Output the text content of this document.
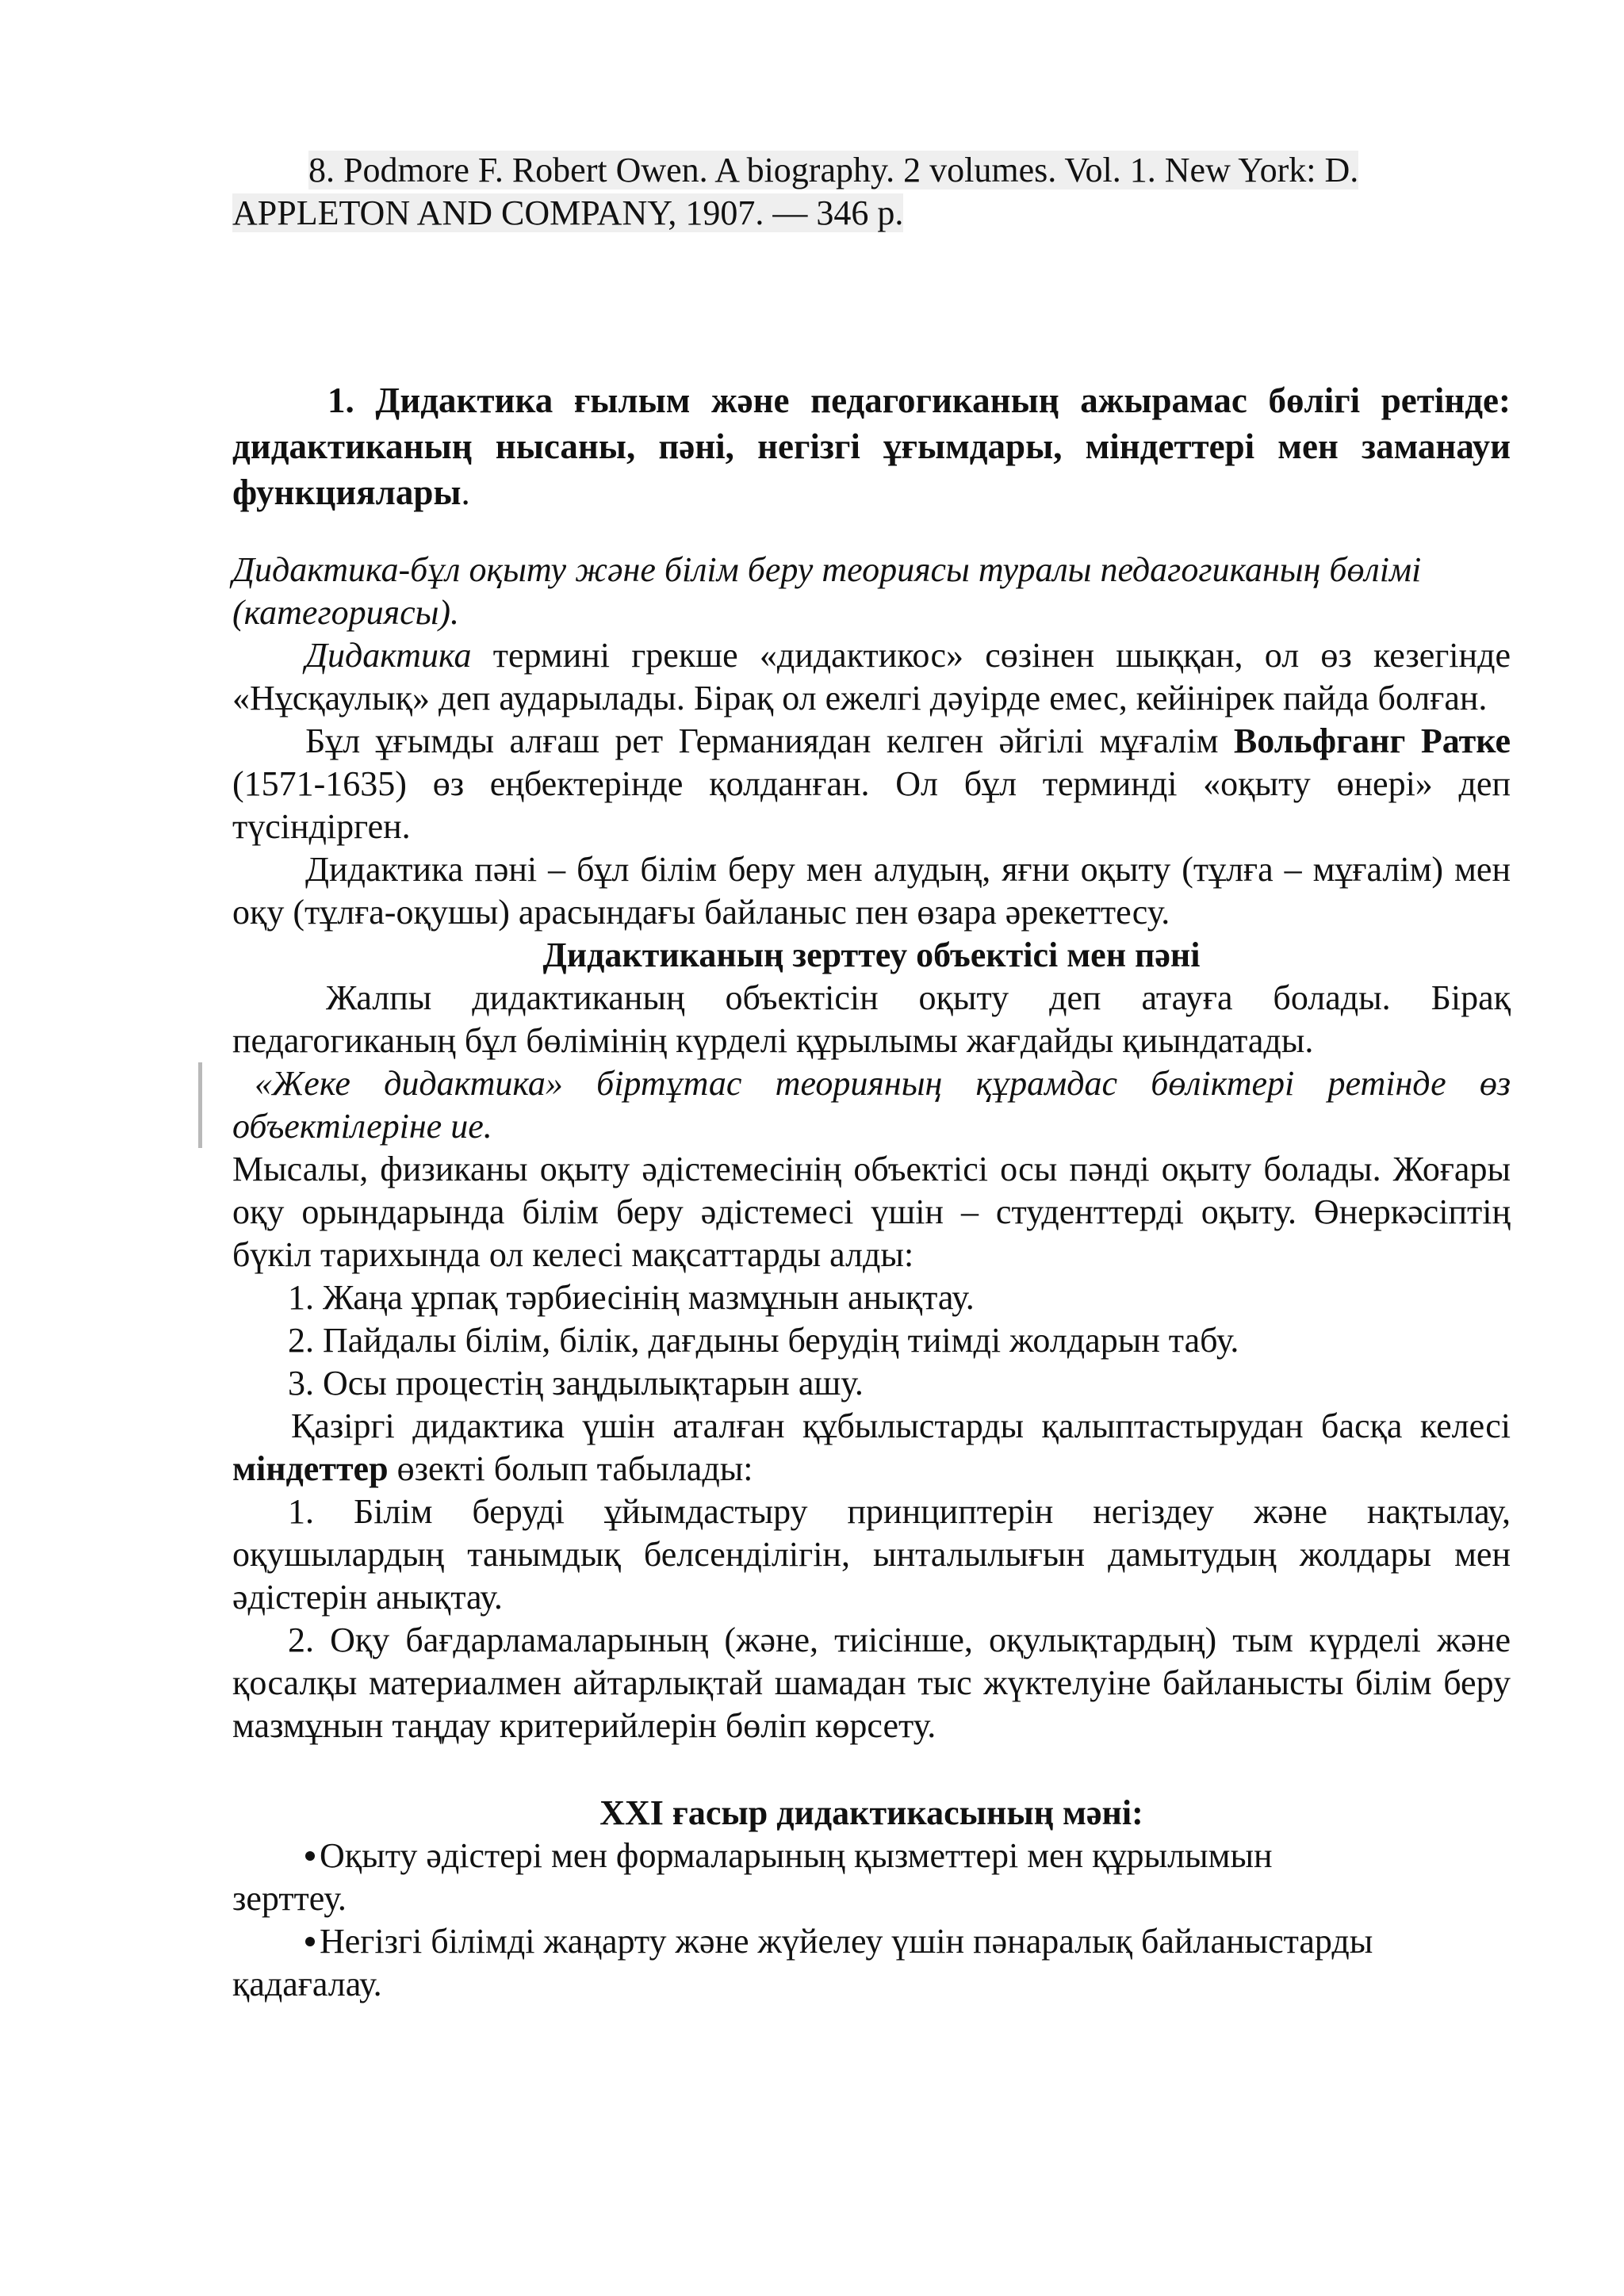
8. Podmore F. Robert Owen. A biography. 2 volumes. Vol. 1. New York: D.
APPLETON AND COMPANY, 1907. — 346 p.

1. Дидактика ғылым және педагогиканың ажырамас бөлігі ретінде: дидактиканың нысаны, пәні, негізгі ұғымдары, міндеттері мен заманауи функциялары.

Дидактика-бұл оқыту және білім беру теориясы туралы педагогиканың бөлімі (категориясы).

Дидактика термині грекше «дидактикос» сөзінен шыққан, ол өз кезегінде «Нұсқаулық» деп аударылады. Бірақ ол ежелгі дәуірде емес, кейінірек пайда болған.

Бұл ұғымды алғаш рет Германиядан келген әйгілі мұғалім Вольфганг Ратке (1571-1635) өз еңбектерінде қолданған. Ол бұл терминді «оқыту өнері» деп түсіндірген.

Дидактика пәні – бұл білім беру мен алудың, яғни оқыту (тұлға – мұғалім) мен оқу (тұлға-оқушы) арасындағы байланыс пен өзара әрекеттесу.

Дидактиканың зерттеу объектісі мен пәні

Жалпы дидактиканың объектісін оқыту деп атауға болады. Бірақ педагогиканың бұл бөлімінің күрделі құрылымы жағдайды қиындатады.

«Жеке дидактика» біртұтас теорияның құрамдас бөліктері ретінде өз объектілеріне ие.

Мысалы, физиканы оқыту әдістемесінің объектісі осы пәнді оқыту болады. Жоғары оқу орындарында білім беру әдістемесі үшін – студенттерді оқыту. Өнеркәсіптің бүкіл тарихында ол келесі мақсаттарды алды:

1. Жаңа ұрпақ тәрбиесінің мазмұнын анықтау.

2. Пайдалы білім, білік, дағдыны берудің тиімді жолдарын табу.

3. Осы процестің заңдылықтарын ашу.

Қазіргі дидактика үшін аталған құбылыстарды қалыптастырудан басқа келесі міндеттер өзекті болып табылады:

1. Білім беруді ұйымдастыру принциптерін негіздеу және нақтылау, оқушылардың танымдық белсенділігін, ынталылығын дамытудың жолдары мен әдістерін анықтау.

2. Оқу бағдарламаларының (және, тиісінше, оқулықтардың) тым күрделі және қосалқы материалмен айтарлықтай шамадан тыс жүктелуіне байланысты білім беру мазмұнын таңдау критерийлерін бөліп көрсету.

XXI ғасыр дидактикасының мәні:

Оқыту әдістері мен формаларының қызметтері мен құрылымын

зерттеу.

Негізгі білімді жаңарту және жүйелеу үшін пәнаралық байланыстарды

қадағалау.
